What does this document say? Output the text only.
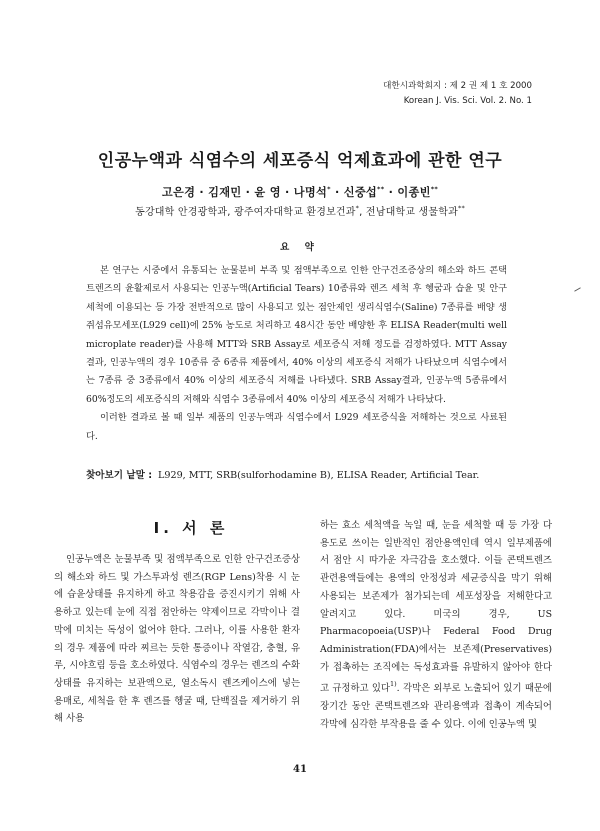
대한시과학회지 : 제 2 권 제 1 호 2000
Korean J. Vis. Sci. Vol. 2. No. 1
인공누액과 식염수의 세포증식 억제효과에 관한 연구
고은경 · 김재민 · 윤 영 · 나명석* · 신중섭** · 이종빈**
동강대학 안경광학과, 광주여자대학교 환경보건과*, 전남대학교 생물학과**
요 약

본 연구는 시중에서 유통되는 눈물분비 부족 및 점액부족으로 인한 안구건조증상의 해소와 하드 콘택트렌즈의 윤활제로서 사용되는 인공누액(Artificial Tears) 10종류와 렌즈 세척 후 헹굼과 습윤 및 안구 세척에 이용되는 등 가장 전반적으로 많이 사용되고 있는 점안제인 생리식염수(Saline) 7종류를 배양 생쥐섬유모세포(L929 cell)에 25% 농도로 처리하고 48시간 동안 배양한 후 ELISA Reader(multi well microplate reader)를 사용해 MTT와 SRB Assay로 세포증식 저해 정도를 검정하였다. MTT Assay결과, 인공누액의 경우 10종류 중 6종류 제품에서, 40% 이상의 세포증식 저해가 나타났으며 식염수에서는 7종류 중 3종류에서 40% 이상의 세포증식 저해를 나타냈다. SRB Assay결과, 인공누액 5종류에서 60%정도의 세포증식의 저해와 식염수 3종류에서 40% 이상의 세포증식 저해가 나타났다.

이러한 결과로 볼 때 일부 제품의 인공누액과 식염수에서 L929 세포증식을 저해하는 것으로 사료된다.

찾아보기 낱말 : L929, MTT, SRB(sulforhodamine B), ELISA Reader, Artificial Tear.
Ⅰ. 서 론

인공누액은 눈물부족 및 점액부족으로 인한 안구건조증상의 해소와 하드 및 가스투과성 렌즈(RGP Lens)착용 시 눈에 습윤상태를 유지하게 하고 착용감을 증진시키기 위해 사용하고 있는데 눈에 직접 점안하는 약제이므로 각막이나 결막에 미치는 독성이 없어야 한다. 그러나, 이를 사용한 환자의 경우 제품에 따라 찌르는 듯한 통증이나 작열감, 충혈, 유루, 시야흐림 등을 호소하였다. 식염수의 경우는 렌즈의 수화상태를 유지하는 보관액으로, 열소독시 렌즈케이스에 넣는 용매로, 세척을 한 후 렌즈를 헹굴 때, 단백질을 제거하기 위해 사용

하는 효소 세척액을 녹일 때, 눈을 세척할 때 등 가장 다용도로 쓰이는 일반적인 점안용액인데 역시 일부제품에서 점안 시 따가운 자극감을 호소했다. 이들 콘택트렌즈 관련용액들에는 용액의 안정성과 세균증식을 막기 위해 사용되는 보존제가 첨가되는데 세포성장을 저해한다고 알려지고 있다. 미국의 경우, US Pharmacopoeia(USP)나 Federal Food Drug Administration(FDA)에서는 보존제(Preservatives)가 접촉하는 조직에는 독성효과를 유발하지 않아야 한다고 규정하고 있다$^{1)}$. 각막은 외부로 노출되어 있기 때문에 장기간 동안 콘택트렌즈와 관리용액과 접촉이 계속되어 각막에 심각한 부작용을 줄 수 있다. 이에 인공누액 및

41
